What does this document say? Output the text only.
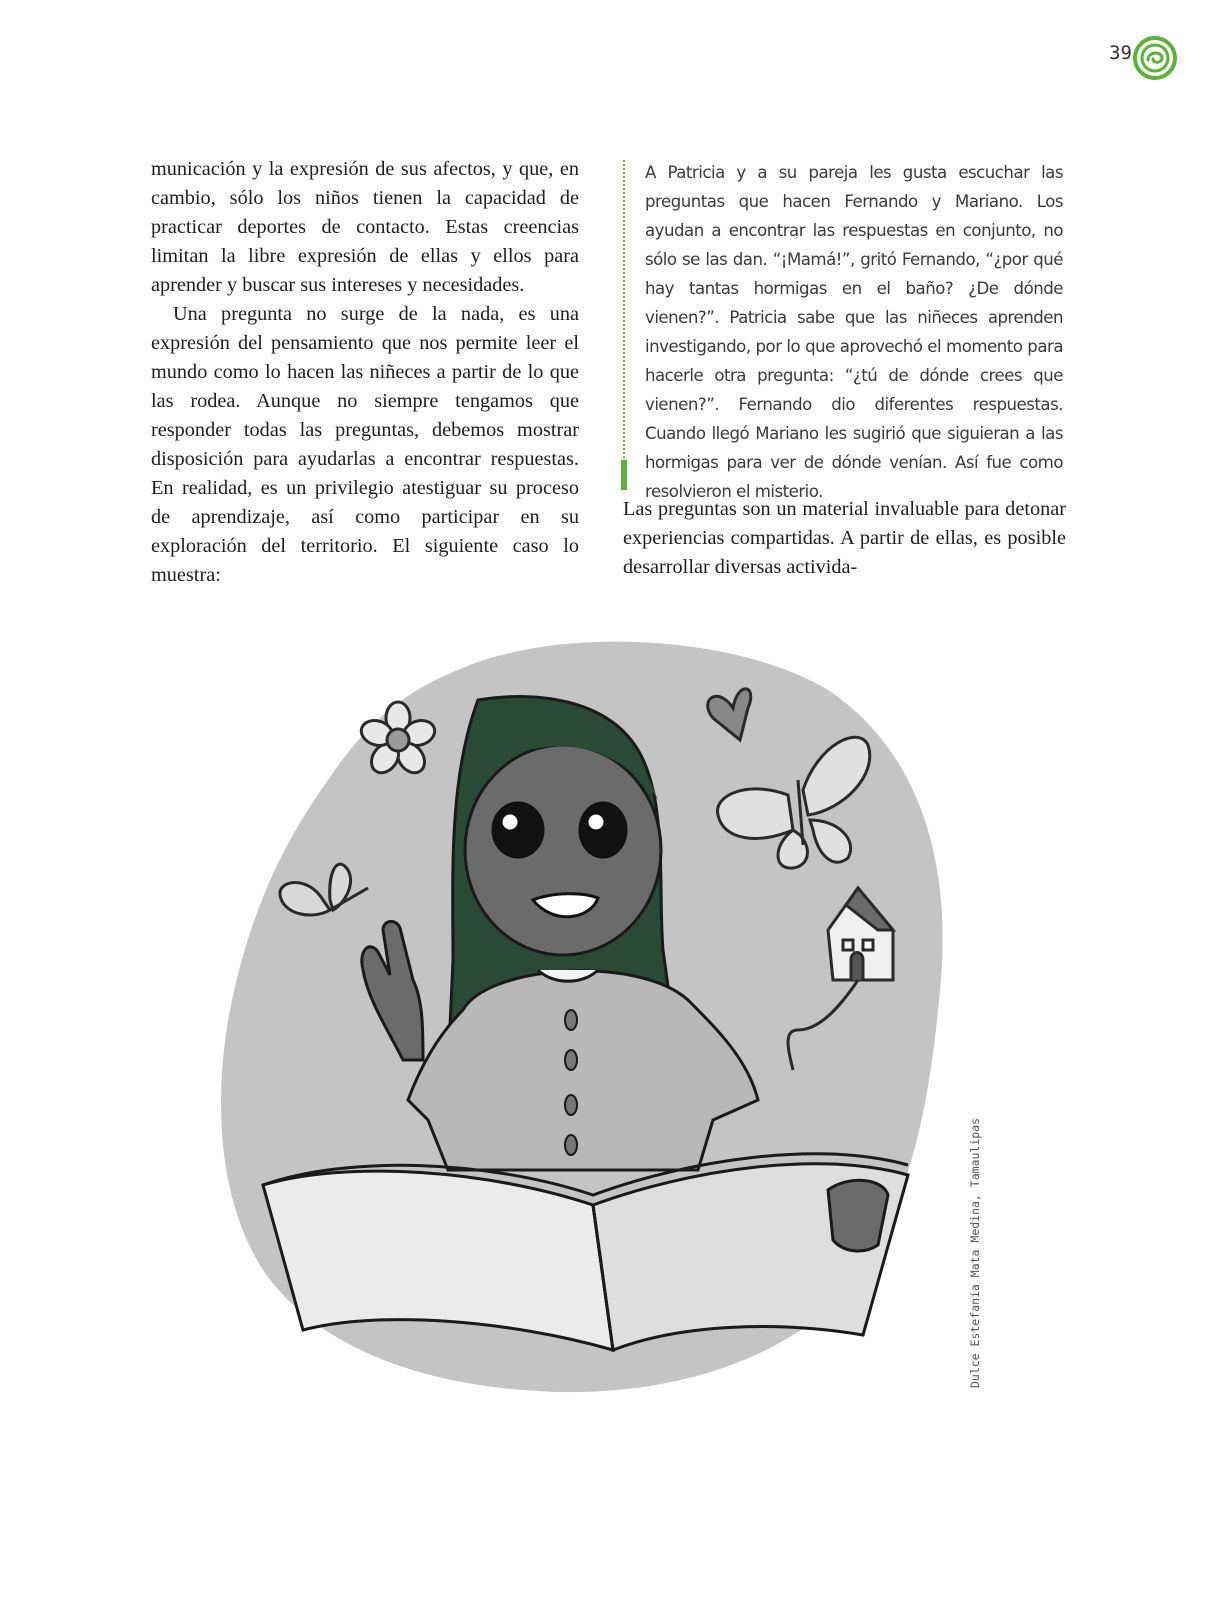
39

municación y la expresión de sus afectos, y que, en cambio, sólo los niños tienen la capacidad de practicar deportes de contacto. Estas creencias limitan la libre expresión de ellas y ellos para aprender y buscar sus intereses y necesidades.

Una pregunta no surge de la nada, es una expresión del pensamiento que nos permite leer el mundo como lo hacen las niñeces a partir de lo que las rodea. Aunque no siempre tengamos que responder todas las preguntas, debemos mostrar disposición para ayudarlas a encontrar respuestas. En realidad, es un privilegio atestiguar su proceso de aprendizaje, así como participar en su exploración del territorio. El siguiente caso lo muestra:

A Patricia y a su pareja les gusta escuchar las preguntas que hacen Fernando y Mariano. Los ayudan a encontrar las respuestas en conjunto, no sólo se las dan. “¡Mamá!”, gritó Fernando, “¿por qué hay tantas hormigas en el baño? ¿De dónde vienen?”. Patricia sabe que las niñeces aprenden investigando, por lo que aprovechó el momento para hacerle otra pregunta: “¿tú de dónde crees que vienen?”. Fernando dio diferentes respuestas. Cuando llegó Mariano les sugirió que siguieran a las hormigas para ver de dónde venían. Así fue como resolvieron el misterio.

Las preguntas son un material invaluable para detonar experiencias compartidas. A partir de ellas, es posible desarrollar diversas activida-

Dulce Estefanía Mata Medina, Tamaulipas
